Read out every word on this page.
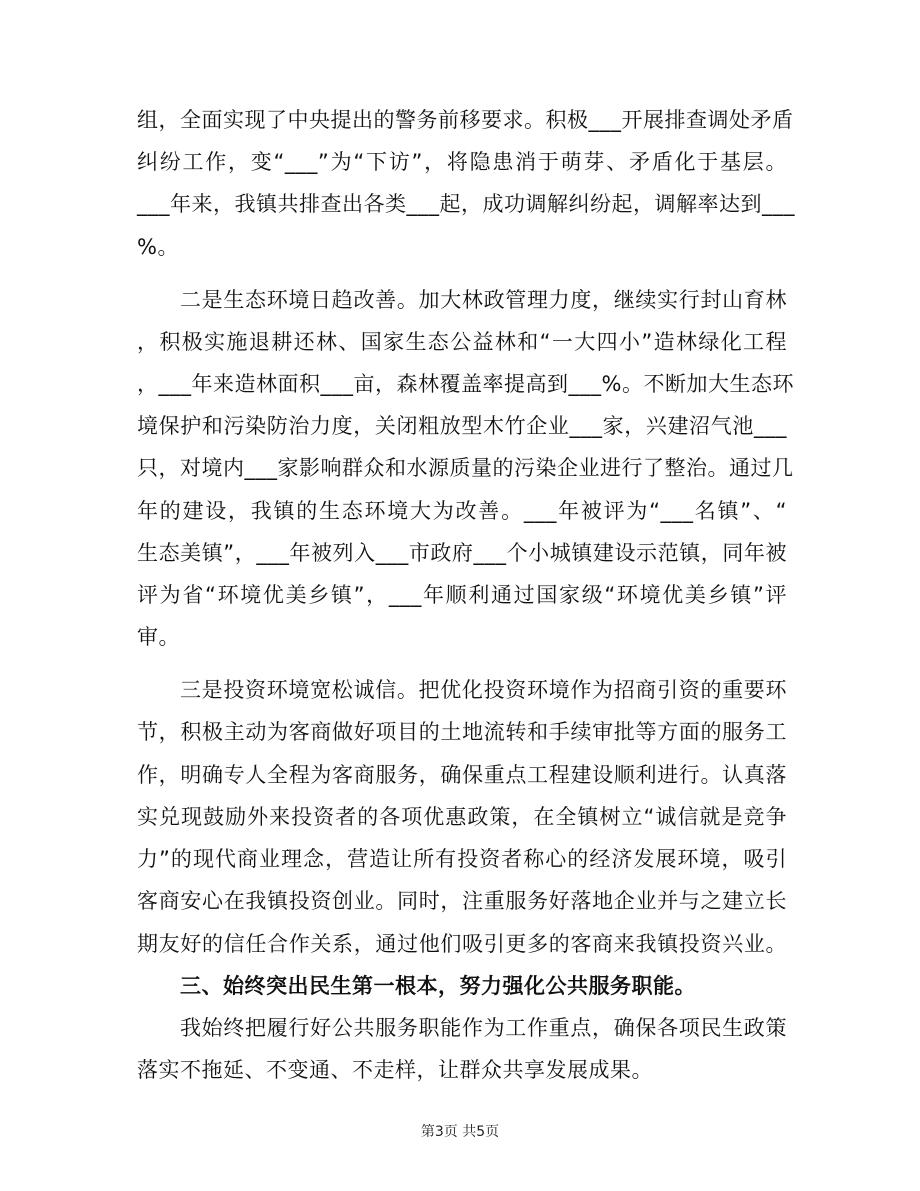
组，全面实现了中央提出的警务前移要求。积极___开展排查调处矛盾
纠纷工作，变“___”为“下访”，将隐患消于萌芽、矛盾化于基层。
___年来，我镇共排查出各类___起，成功调解纠纷起，调解率达到___
%。
二是生态环境日趋改善。加大林政管理力度，继续实行封山育林
，积极实施退耕还林、国家生态公益林和“一大四小”造林绿化工程
，___年来造林面积___亩，森林覆盖率提高到___%。不断加大生态环
境保护和污染防治力度，关闭粗放型木竹企业___家，兴建沼气池___
只，对境内___家影响群众和水源质量的污染企业进行了整治。通过几
年的建设，我镇的生态环境大为改善。___年被评为“___名镇”、“
生态美镇”，___年被列入___市政府___个小城镇建设示范镇，同年被
评为省“环境优美乡镇”，___年顺利通过国家级“环境优美乡镇”评
审。
三是投资环境宽松诚信。把优化投资环境作为招商引资的重要环
节，积极主动为客商做好项目的土地流转和手续审批等方面的服务工
作，明确专人全程为客商服务，确保重点工程建设顺利进行。认真落
实兑现鼓励外来投资者的各项优惠政策，在全镇树立“诚信就是竞争
力”的现代商业理念，营造让所有投资者称心的经济发展环境，吸引
客商安心在我镇投资创业。同时，注重服务好落地企业并与之建立长
期友好的信任合作关系，通过他们吸引更多的客商来我镇投资兴业。
三、始终突出民生第一根本，努力强化公共服务职能。
我始终把履行好公共服务职能作为工作重点，确保各项民生政策
落实不拖延、不变通、不走样，让群众共享发展成果。
第3页 共5页
